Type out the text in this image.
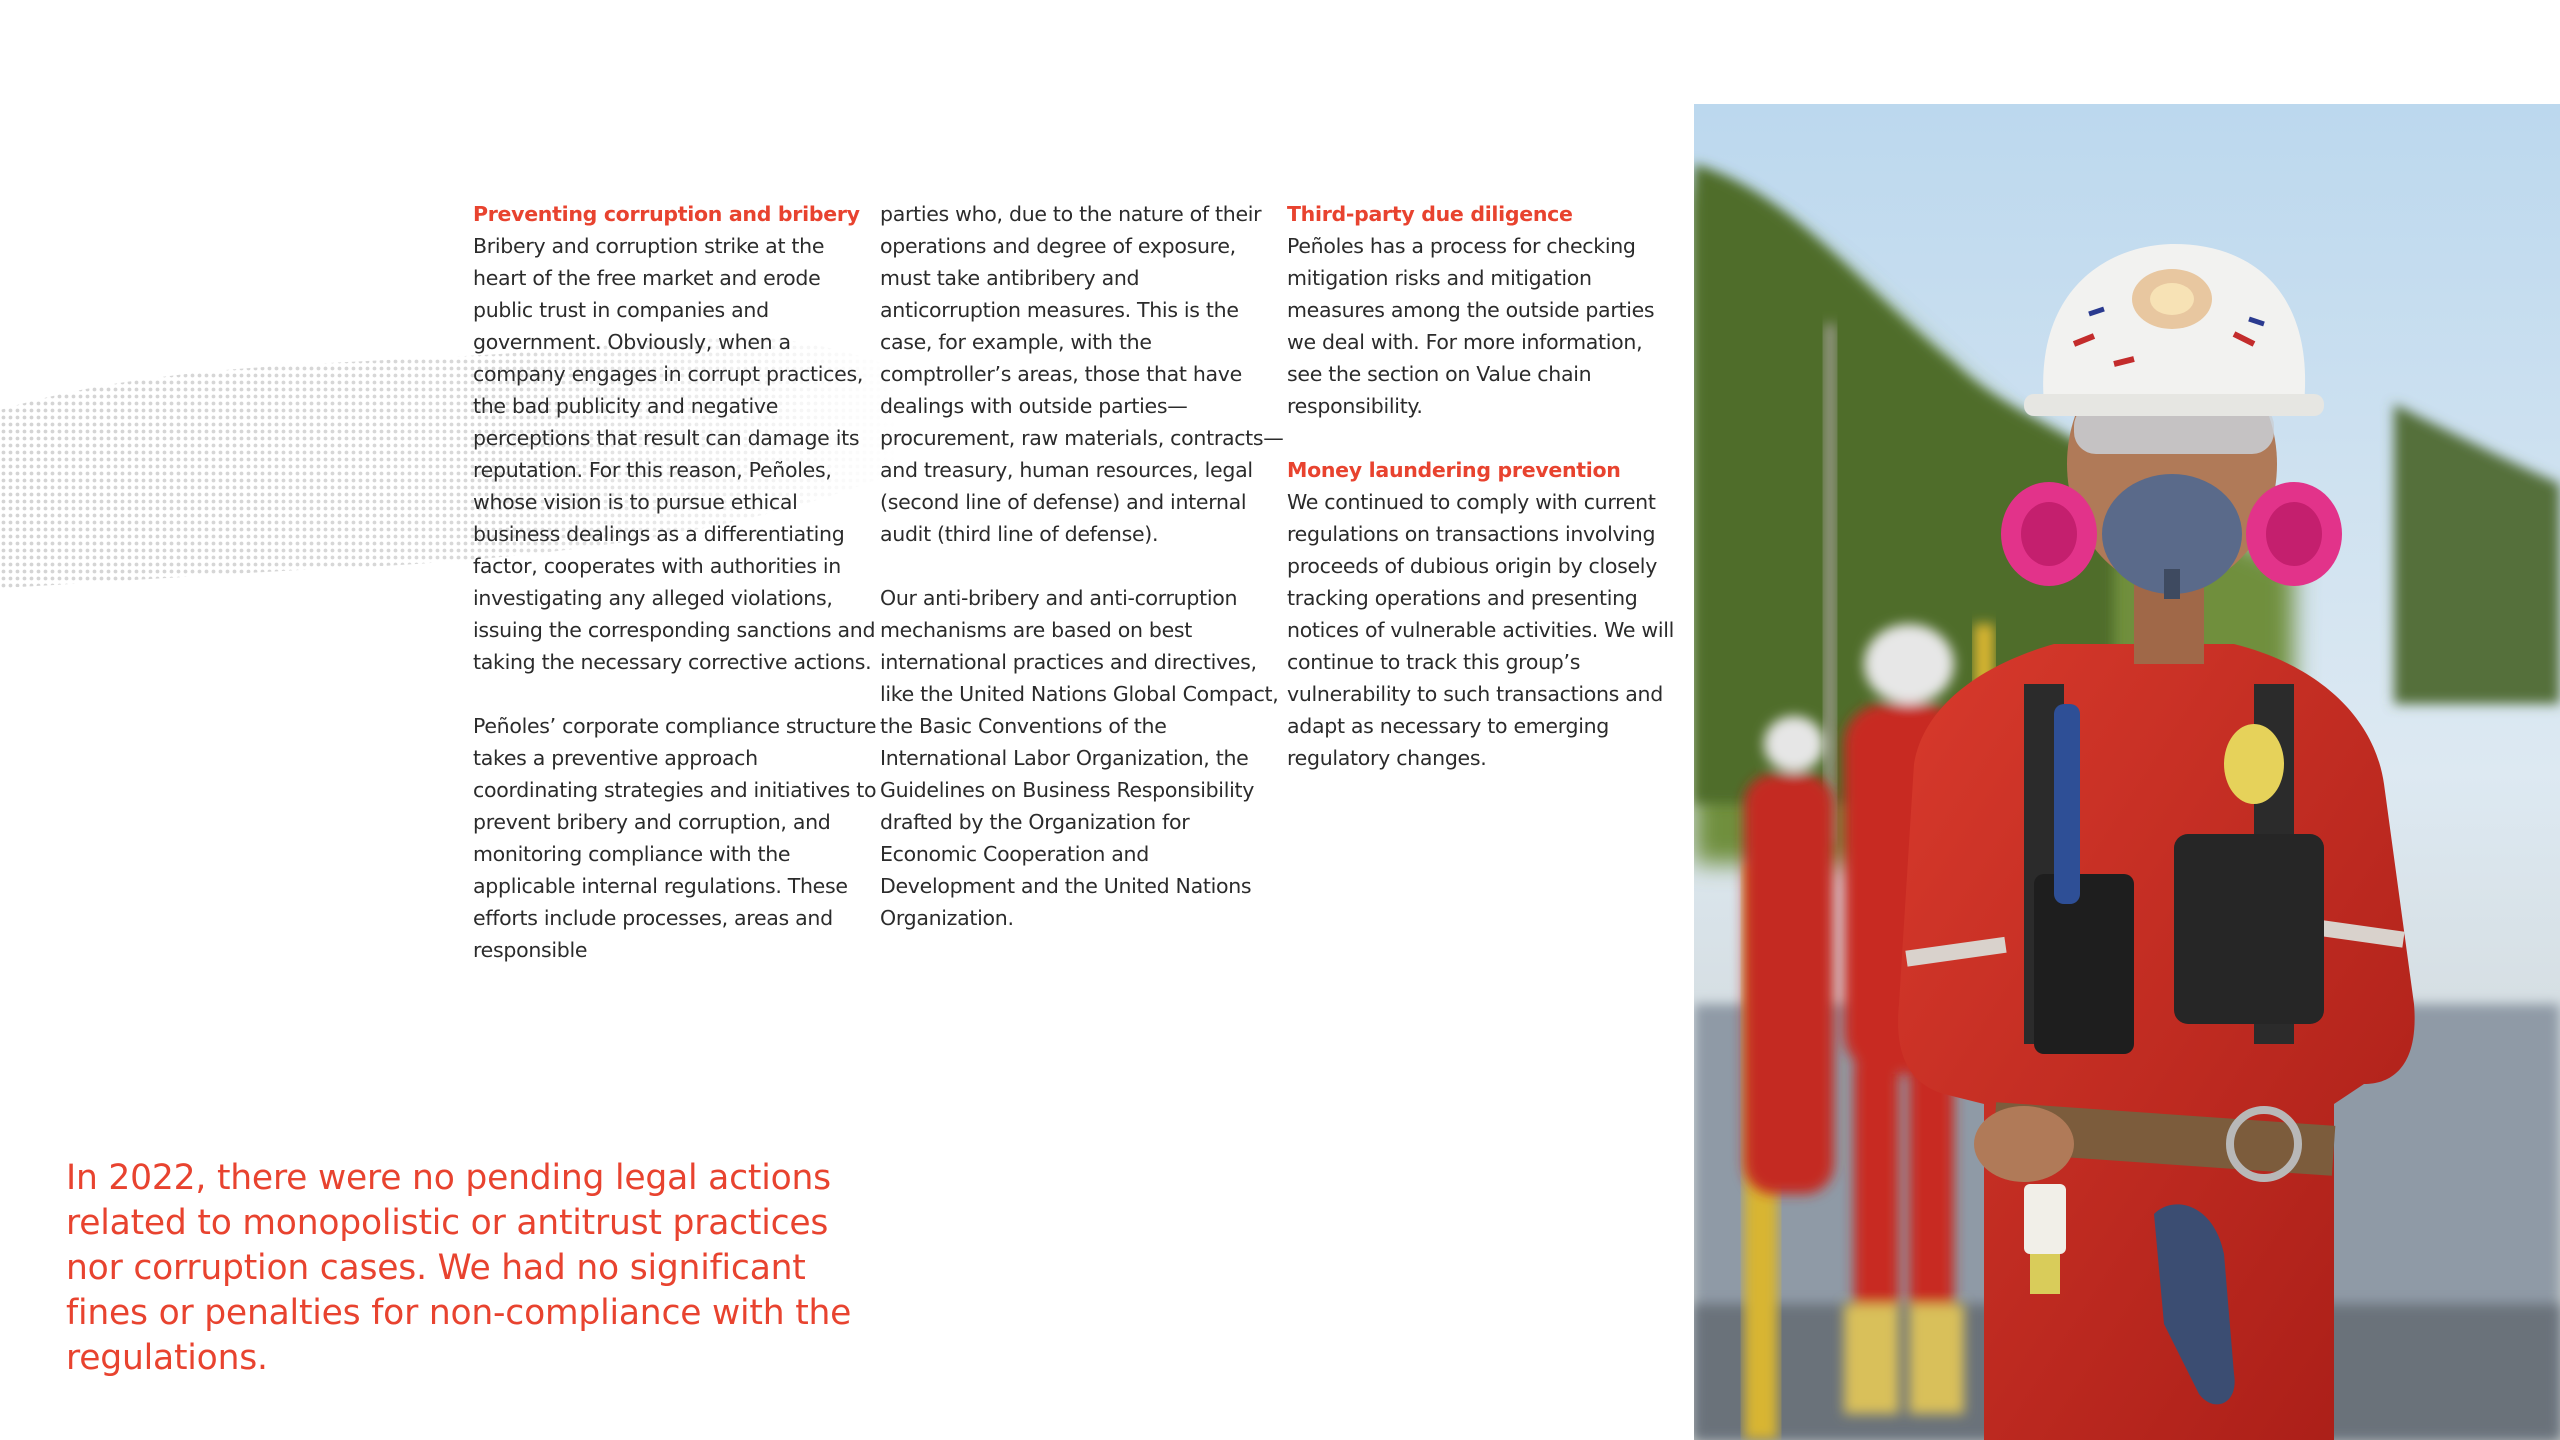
Preventing corruption and bribery

Bribery and corruption strike at the heart of the free market and erode public trust in companies and government. Obviously, when a company engages in corrupt practices, the bad publicity and negative perceptions that result can damage its reputation. For this reason, Peñoles, whose vision is to pursue ethical business dealings as a differentiating factor, cooperates with authorities in investigating any alleged violations, issuing the corresponding sanctions and taking the necessary corrective actions.

Peñoles’ corporate compliance structure takes a preventive approach coordinating strategies and initiatives to prevent bribery and corruption, and monitoring compliance with the applicable internal regulations. These efforts include processes, areas and responsible

parties who, due to the nature of their operations and degree of exposure, must take antibribery and anticorruption measures. This is the case, for example, with the comptroller’s areas, those that have dealings with outside parties—procurement, raw materials, contracts—and treasury, human resources, legal (second line of defense) and internal audit (third line of defense).

Our anti-bribery and anti-corruption mechanisms are based on best international practices and directives, like the United Nations Global Compact, the Basic Conventions of the International Labor Organization, the Guidelines on Business Responsibility drafted by the Organization for Economic Cooperation and Development and the United Nations Organization.

Third-party due diligence

Peñoles has a process for checking mitigation risks and mitigation measures among the outside parties we deal with. For more information, see the section on Value chain responsibility.

Money laundering prevention

We continued to comply with current regulations on transactions involving proceeds of dubious origin by closely tracking operations and presenting notices of vulnerable activities. We will continue to track this group’s vulnerability to such transactions and adapt as necessary to emerging regulatory changes.

In 2022, there were no pending legal actions related to monopolistic or antitrust practices nor corruption cases. We had no significant fines or penalties for non-compliance with the regulations.
